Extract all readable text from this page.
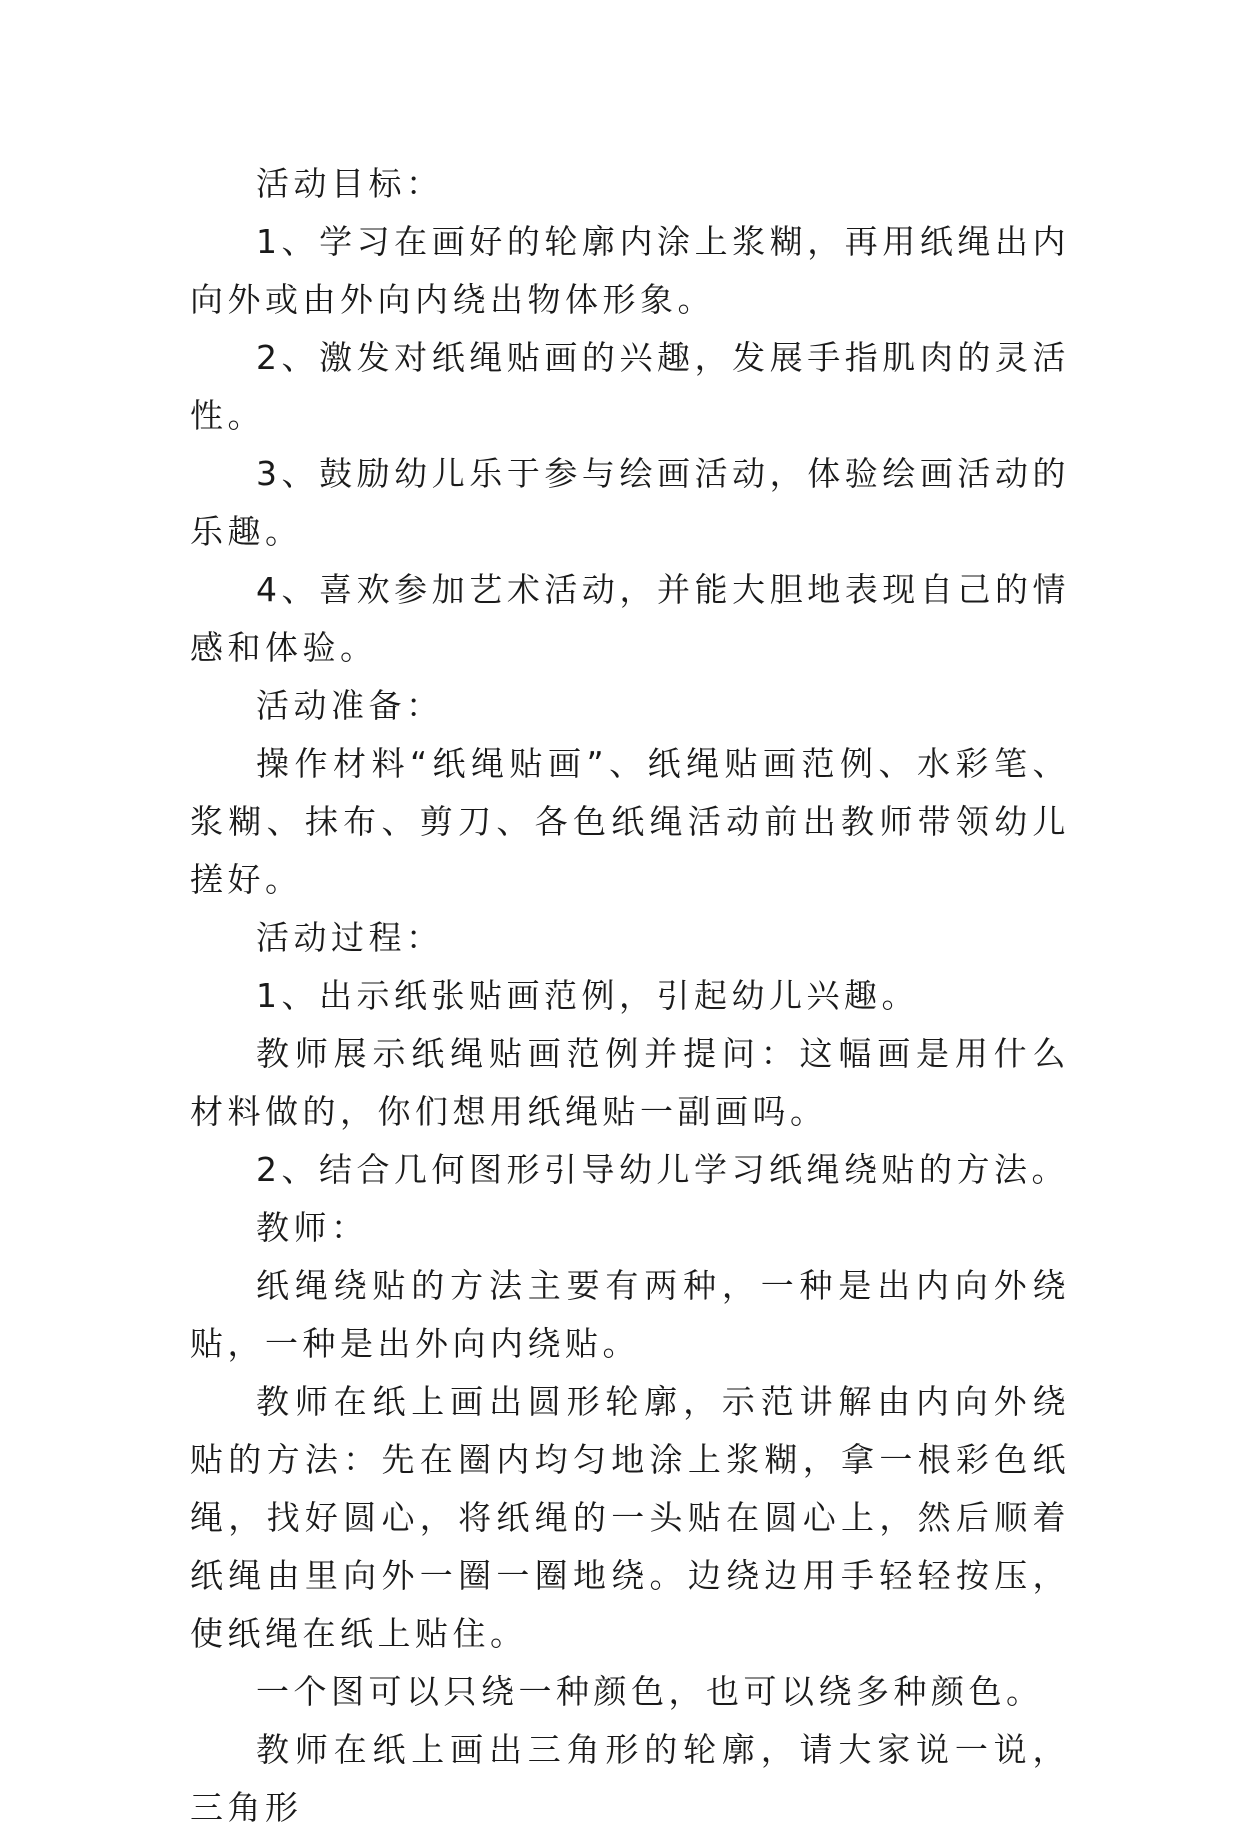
活动目标：

1、学习在画好的轮廓内涂上浆糊，再用纸绳出内向外或由外向内绕出物体形象。

2、激发对纸绳贴画的兴趣，发展手指肌肉的灵活性。

3、鼓励幼儿乐于参与绘画活动，体验绘画活动的乐趣。

4、喜欢参加艺术活动，并能大胆地表现自己的情感和体验。

活动准备：

操作材料“纸绳贴画”、纸绳贴画范例、水彩笔、浆糊、抹布、剪刀、各色纸绳活动前出教师带领幼儿搓好。

活动过程：

1、出示纸张贴画范例，引起幼儿兴趣。

教师展示纸绳贴画范例并提问：这幅画是用什么材料做的，你们想用纸绳贴一副画吗。

2、结合几何图形引导幼儿学习纸绳绕贴的方法。

教师：

纸绳绕贴的方法主要有两种，一种是出内向外绕贴，一种是出外向内绕贴。

教师在纸上画出圆形轮廓，示范讲解由内向外绕贴的方法：先在圈内均匀地涂上浆糊，拿一根彩色纸绳，找好圆心，将纸绳的一头贴在圆心上，然后顺着纸绳由里向外一圈一圈地绕。边绕边用手轻轻按压，使纸绳在纸上贴住。

一个图可以只绕一种颜色，也可以绕多种颜色。

教师在纸上画出三角形的轮廓，请大家说一说，三角形
